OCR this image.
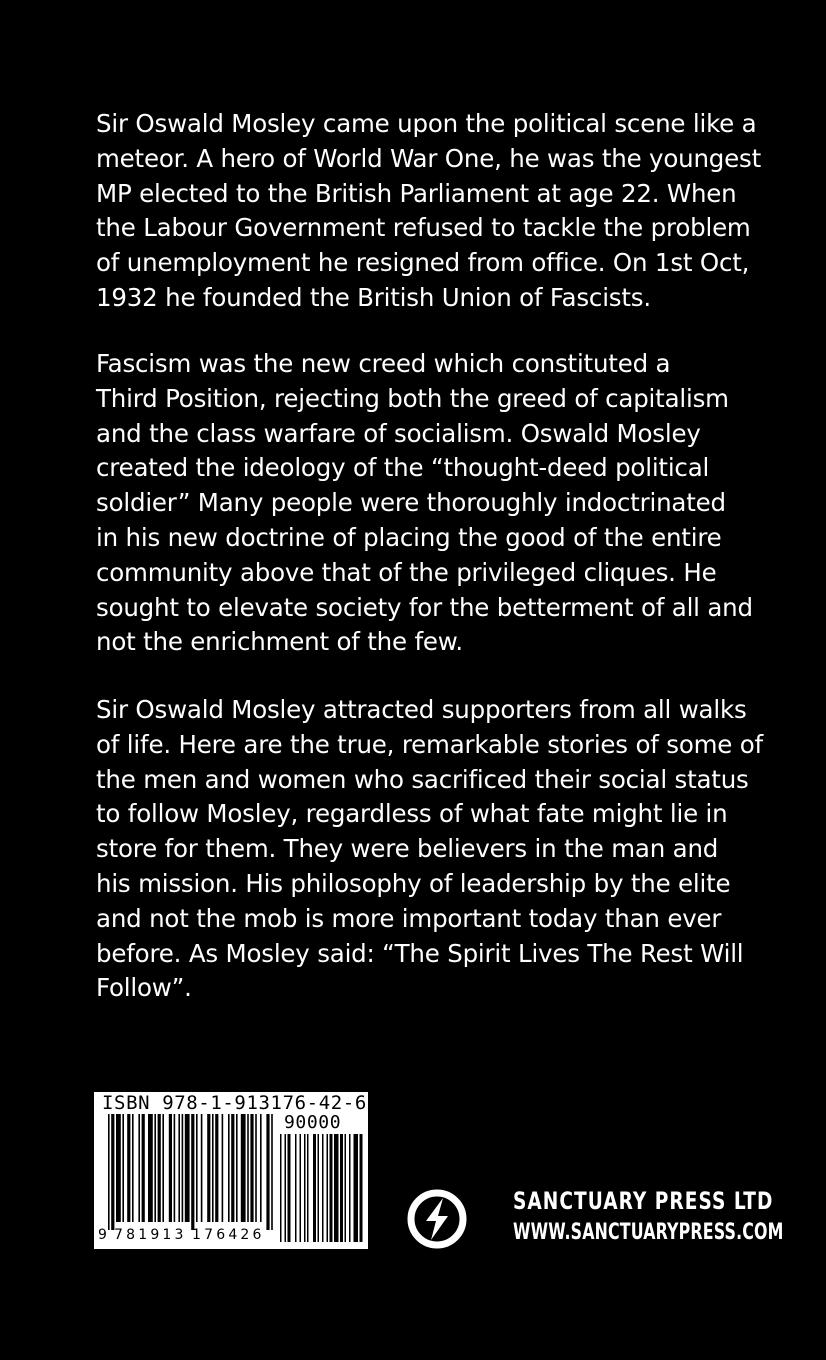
Sir Oswald Mosley came upon the political scene like a
meteor. A hero of World War One, he was the youngest
MP elected to the British Parliament at age 22. When
the Labour Government refused to tackle the problem
of unemployment he resigned from office. On 1st Oct,
1932 he founded the British Union of Fascists.
Fascism was the new creed which constituted a
Third Position, rejecting both the greed of capitalism
and the class warfare of socialism. Oswald Mosley
created the ideology of the “thought-deed political
soldier” Many people were thoroughly indoctrinated
in his new doctrine of placing the good of the entire
community above that of the privileged cliques. He
sought to elevate society for the betterment of all and
not the enrichment of the few.
Sir Oswald Mosley attracted supporters from all walks
of life. Here are the true, remarkable stories of some of
the men and women who sacrificed their social status
to follow Mosley, regardless of what fate might lie in
store for them. They were believers in the man and
his mission. His philosophy of leadership by the elite
and not the mob is more important today than ever
before. As Mosley said: “The Spirit Lives The Rest Will
Follow”.
ISBN 978-1-913176-42-6
90000
9 781913 176426
SANCTUARY PRESS LTD
WWW.SANCTUARYPRESS.COM
